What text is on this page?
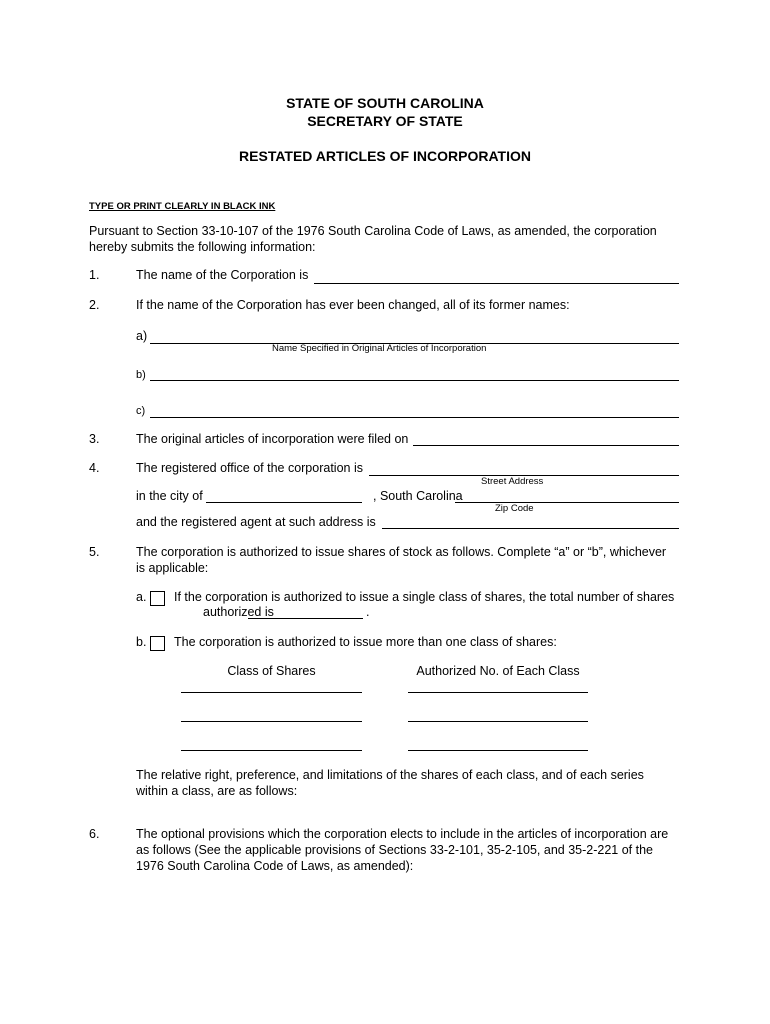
STATE OF SOUTH CAROLINA
SECRETARY OF STATE
RESTATED ARTICLES OF INCORPORATION
TYPE OR PRINT CLEARLY IN BLACK INK
Pursuant to Section 33-10-107 of the 1976 South Carolina Code of Laws, as amended, the corporation hereby submits the following information:
1.	The name of the Corporation is
2.	If the name of the Corporation has ever been changed, all of its former names:
a)
Name Specified in Original Articles of Incorporation
b)
c)
3.	The original articles of incorporation were filed on
4.	The registered office of the corporation is
Street Address
in the city of	, South Carolina
Zip Code
and the registered agent at such address is
5.	The corporation is authorized to issue shares of stock as follows. Complete “a” or “b”, whichever
is applicable:
a. If the corporation is authorized to issue a single class of shares, the total number of shares
authorized is	.
b. The corporation is authorized to issue more than one class of shares:
Class of Shares	Authorized No. of Each Class
The relative right, preference, and limitations of the shares of each class, and of each series
within a class, are as follows:
6.	The optional provisions which the corporation elects to include in the articles of incorporation are
as follows (See the applicable provisions of Sections 33-2-101, 35-2-105, and 35-2-221 of the
1976 South Carolina Code of Laws, as amended):
